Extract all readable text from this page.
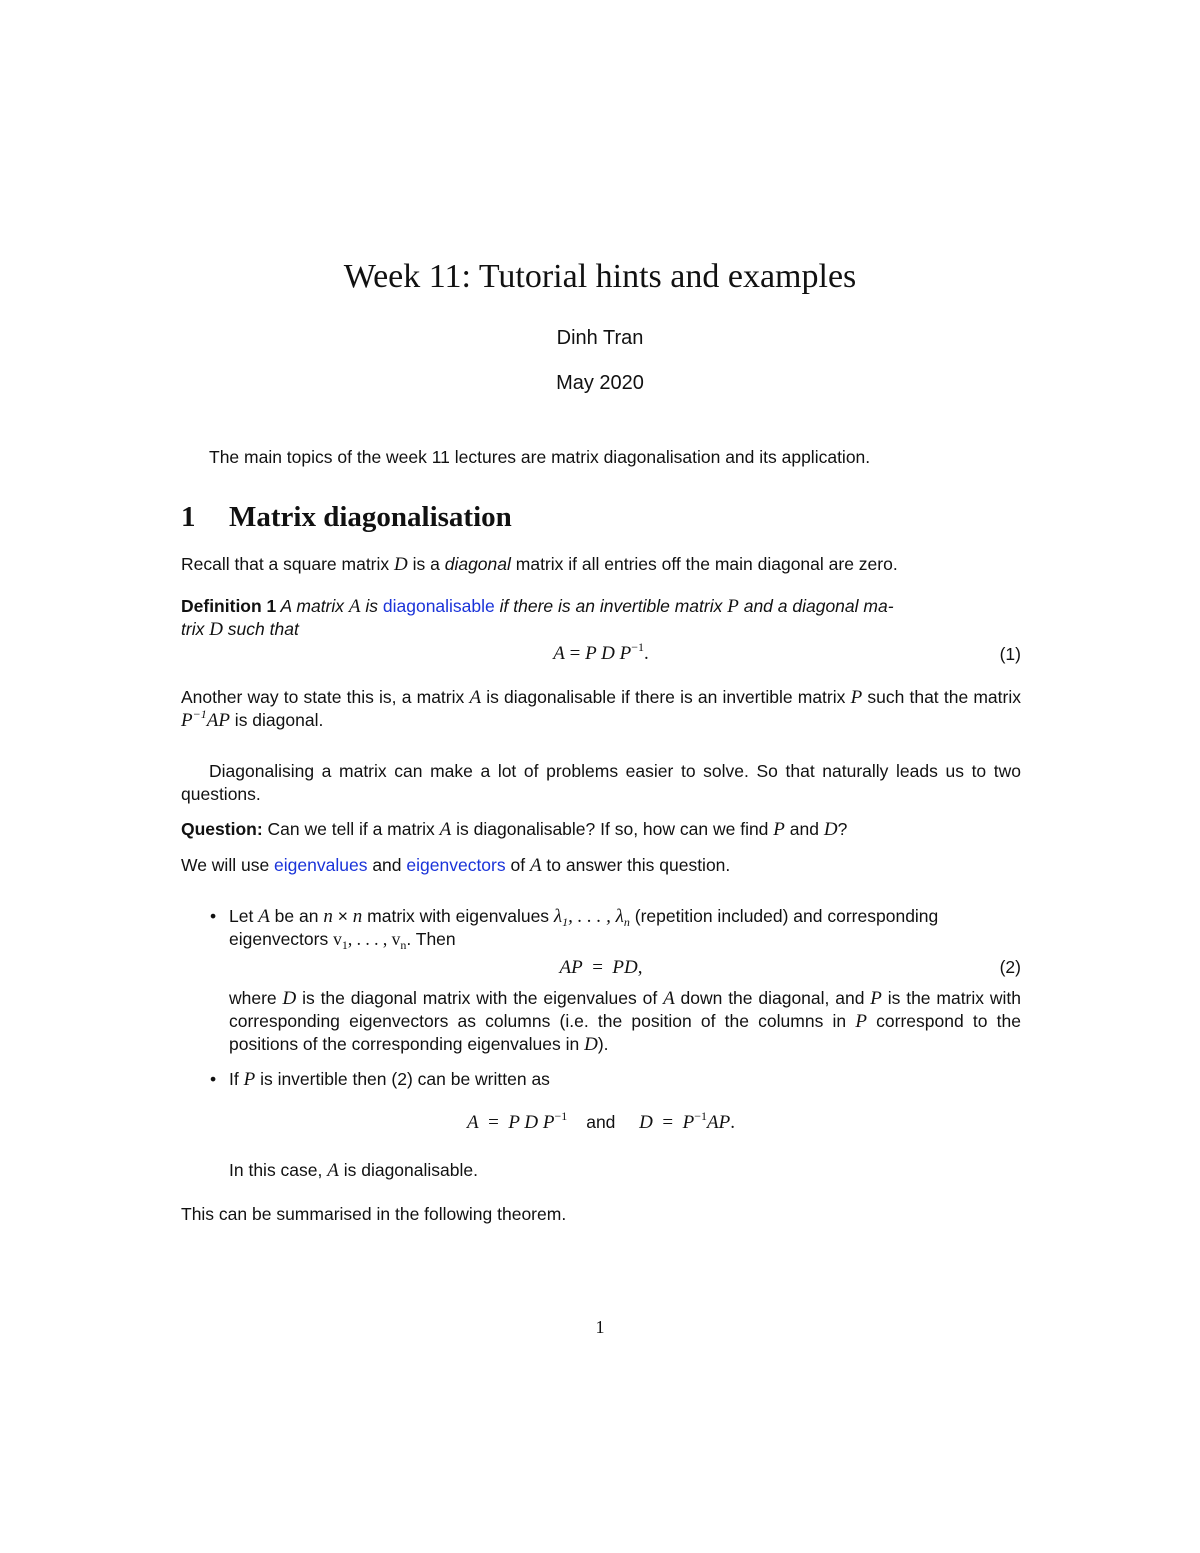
Week 11: Tutorial hints and examples
Dinh Tran
May 2020
The main topics of the week 11 lectures are matrix diagonalisation and its application.
1 Matrix diagonalisation
Recall that a square matrix D is a diagonal matrix if all entries off the main diagonal are zero.
Definition 1 A matrix A is diagonalisable if there is an invertible matrix P and a diagonal ma-
trix D such that
A = P D $P^{-1}$.	(1)
Another way to state this is, a matrix A is diagonalisable if there is an invertible matrix P such that the matrix $P^{-1}AP$ is diagonal.
Diagonalising a matrix can make a lot of problems easier to solve. So that naturally leads us to two questions.
Question: Can we tell if a matrix A is diagonalisable? If so, how can we find P and D?
We will use eigenvalues and eigenvectors of A to answer this question.
• Let A be an n × n matrix with eigenvalues $\lambda_1$, . . . , $\lambda_n$ (repetition included) and corresponding eigenvectors $v_1$, . . . , $v_n$. Then
AP  =  PD,	(2)
where D is the diagonal matrix with the eigenvalues of A down the diagonal, and P is the matrix with corresponding eigenvectors as columns (i.e. the position of the columns in P correspond to the positions of the corresponding eigenvalues in D).
• If P is invertible then (2) can be written as
A  =  P D $P^{-1}$ and $D = P^{-1}AP$.
In this case, A is diagonalisable.
This can be summarised in the following theorem.
1
